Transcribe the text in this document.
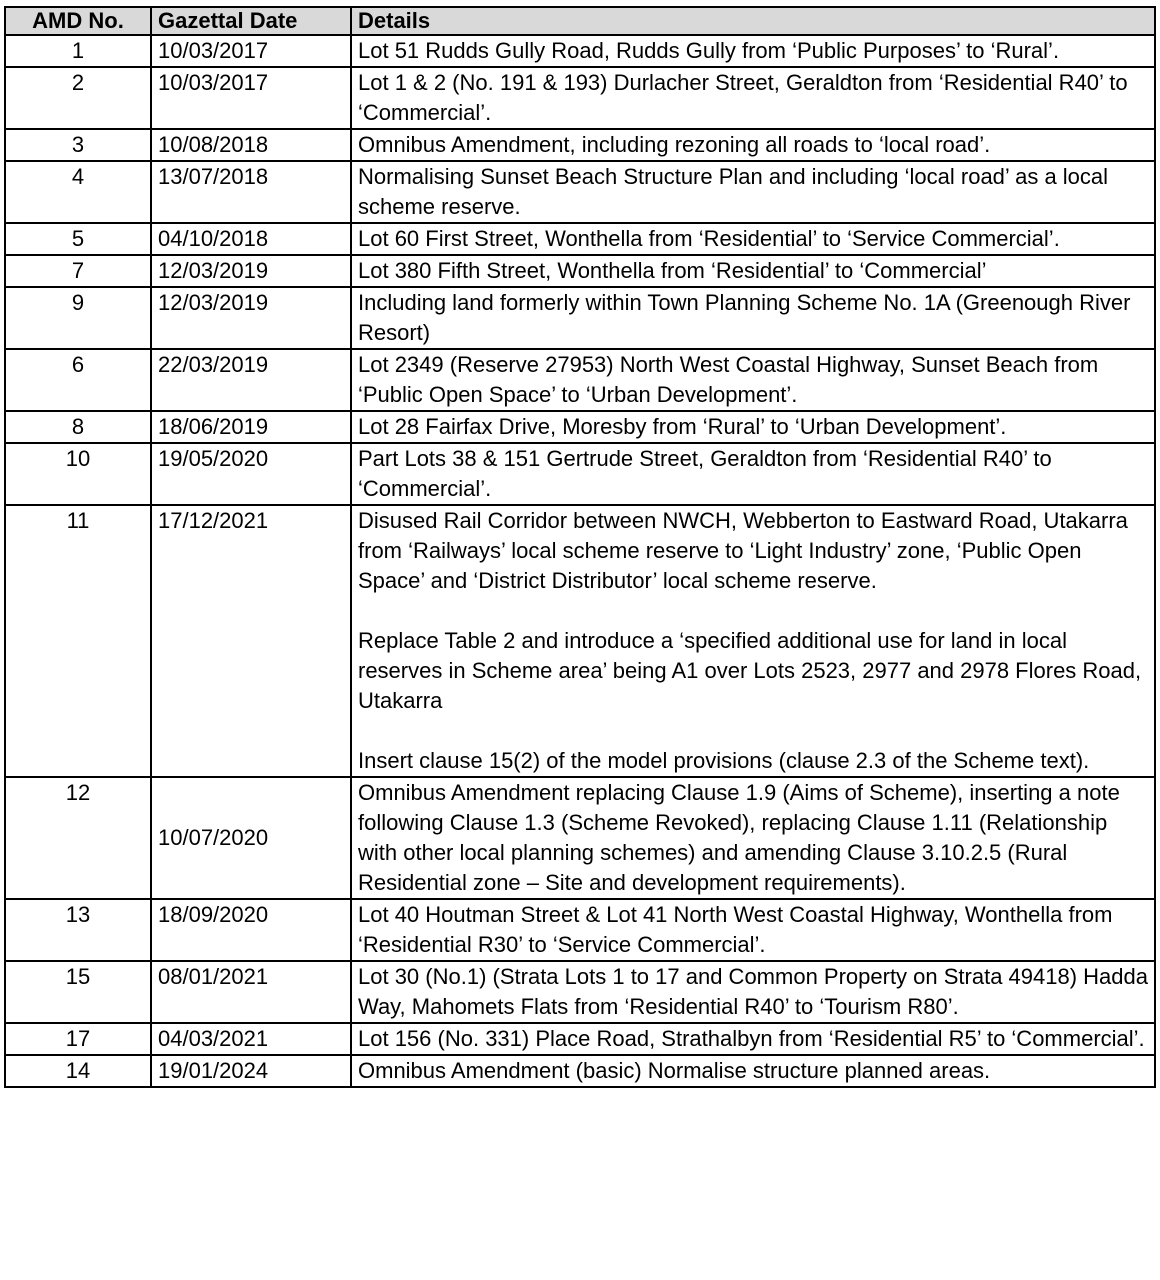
AMD No.	Gazettal Date	Details
1	10/03/2017	Lot 51 Rudds Gully Road, Rudds Gully from ‘Public Purposes’ to ‘Rural’.

2	10/03/2017	Lot 1 & 2 (No. 191 & 193) Durlacher Street, Geraldton from ‘Residential R40’ to ‘Commercial’.

3	10/08/2018	Omnibus Amendment, including rezoning all roads to ‘local road’.

4	13/07/2018	Normalising Sunset Beach Structure Plan and including ‘local road’ as a local scheme reserve.

5	04/10/2018	Lot 60 First Street, Wonthella from ‘Residential’ to ‘Service Commercial’.

7	12/03/2019	Lot 380 Fifth Street, Wonthella from ‘Residential’ to ‘Commercial’

9	12/03/2019	Including land formerly within Town Planning Scheme No. 1A (Greenough River Resort)

6	22/03/2019	Lot 2349 (Reserve 27953) North West Coastal Highway, Sunset Beach from ‘Public Open Space’ to ‘Urban Development’.

8	18/06/2019	Lot 28 Fairfax Drive, Moresby from ‘Rural’ to ‘Urban Development’.

10	19/05/2020	Part Lots 38 & 151 Gertrude Street, Geraldton from ‘Residential R40’ to ‘Commercial’.

11	17/12/2021	Disused Rail Corridor between NWCH, Webberton to Eastward Road, Utakarra from ‘Railways’ local scheme reserve to ‘Light Industry’ zone, ‘Public Open Space’ and ‘District Distributor’ local scheme reserve.
Replace Table 2 and introduce a ‘specified additional use for land in local reserves in Scheme area’ being A1 over Lots 2523, 2977 and 2978 Flores Road, Utakarra
Insert clause 15(2) of the model provisions (clause 2.3 of the Scheme text).

12	10/07/2020	Omnibus Amendment replacing Clause 1.9 (Aims of Scheme), inserting a note following Clause 1.3 (Scheme Revoked), replacing Clause 1.11 (Relationship with other local planning schemes) and amending Clause 3.10.2.5 (Rural Residential zone – Site and development requirements).

13	18/09/2020	Lot 40 Houtman Street & Lot 41 North West Coastal Highway, Wonthella from ‘Residential R30’ to ‘Service Commercial’.

15	08/01/2021	Lot 30 (No.1) (Strata Lots 1 to 17 and Common Property on Strata 49418) Hadda Way, Mahomets Flats from ‘Residential R40’ to ‘Tourism R80’.

17	04/03/2021	Lot 156 (No. 331) Place Road, Strathalbyn from ‘Residential R5’ to ‘Commercial’.

14	19/01/2024	Omnibus Amendment (basic) Normalise structure planned areas.
